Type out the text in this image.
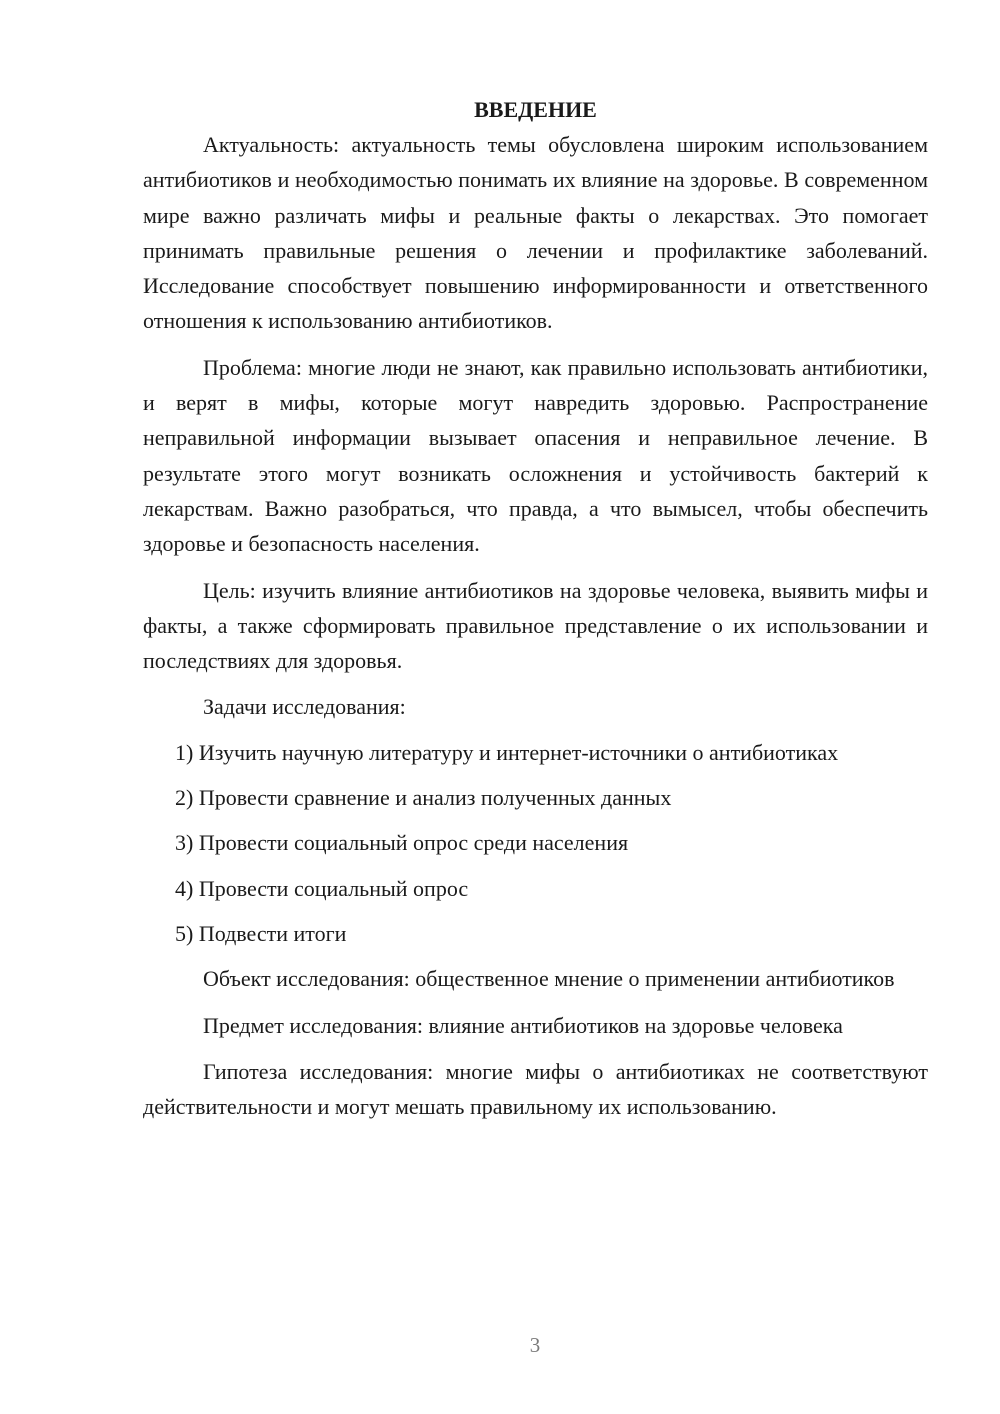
ВВЕДЕНИЕ

Актуальность: актуальность темы обусловлена широким использованием антибиотиков и необходимостью понимать их влияние на здоровье. В современном мире важно различать мифы и реальные факты о лекарствах. Это помогает принимать правильные решения о лечении и профилактике заболеваний. Исследование способствует повышению информированности и ответственного отношения к использованию антибиотиков.

Проблема: многие люди не знают, как правильно использовать антибиотики, и верят в мифы, которые могут навредить здоровью. Распространение неправильной информации вызывает опасения и неправильное лечение. В результате этого могут возникать осложнения и устойчивость бактерий к лекарствам. Важно разобраться, что правда, а что вымысел, чтобы обеспечить здоровье и безопасность населения.

Цель: изучить влияние антибиотиков на здоровье человека, выявить мифы и факты, а также сформировать правильное представление о их использовании и последствиях для здоровья.

Задачи исследования:
1) Изучить научную литературу и интернет-источники о антибиотиках
2) Провести сравнение и анализ полученных данных
3) Провести социальный опрос среди населения
4) Провести социальный опрос
5) Подвести итоги

Объект исследования: общественное мнение о применении антибиотиков

Предмет исследования: влияние антибиотиков на здоровье человека

Гипотеза исследования: многие мифы о антибиотиках не соответствуют действительности и могут мешать правильному их использованию.

3
